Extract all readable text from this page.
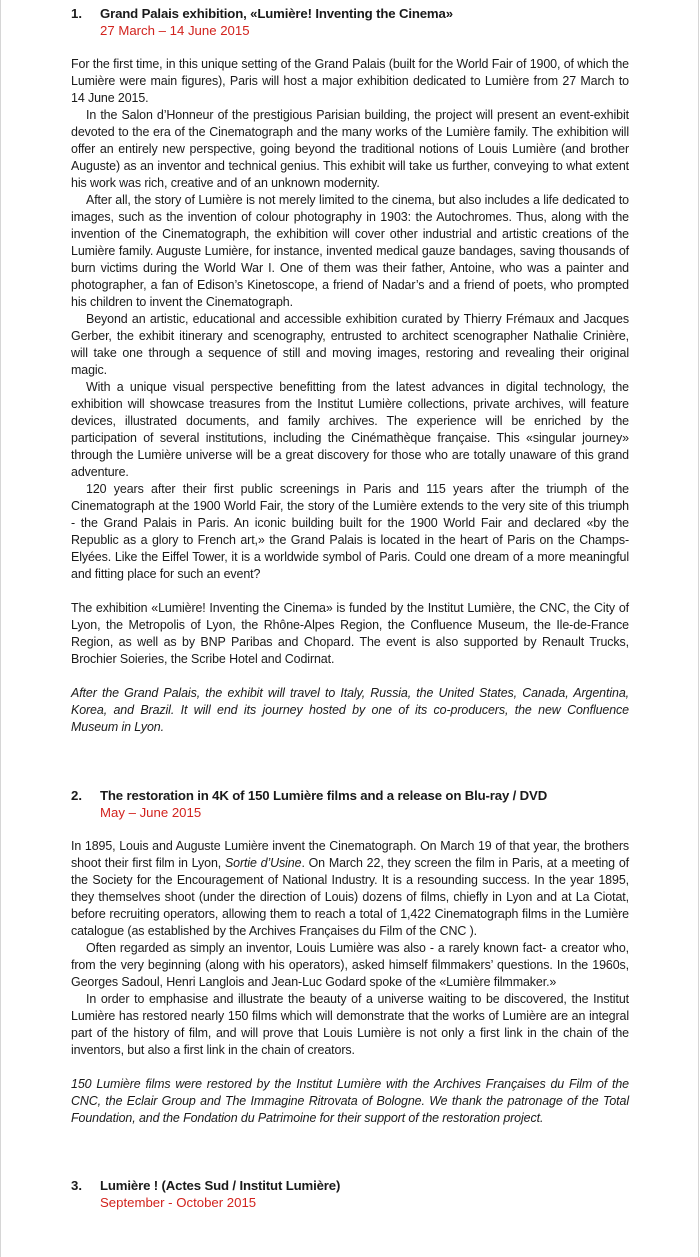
1. Grand Palais exhibition, «Lumière! Inventing the Cinema»
27 March – 14 June 2015

For the first time, in this unique setting of the Grand Palais (built for the World Fair of 1900, of which the Lumière were main figures), Paris will host a major exhibition dedicated to Lumière from 27 March to 14 June 2015.

In the Salon d’Honneur of the prestigious Parisian building, the project will present an event-exhibit devoted to the era of the Cinematograph and the many works of the Lumière family. The exhibition will offer an entirely new perspective, going beyond the traditional notions of Louis Lumière (and brother Auguste) as an inventor and technical genius. This exhibit will take us further, conveying to what extent his work was rich, creative and of an unknown modernity.

After all, the story of Lumière is not merely limited to the cinema, but also includes a life dedicated to images, such as the invention of colour photography in 1903: the Autochromes. Thus, along with the invention of the Cinematograph, the exhibition will cover other industrial and artistic creations of the Lumière family. Auguste Lumière, for instance, invented medical gauze bandages, saving thousands of burn victims during the World War I. One of them was their father, Antoine, who was a painter and photographer, a fan of Edison’s Kinetoscope, a friend of Nadar’s and a friend of poets, who prompted his children to invent the Cinematograph.

Beyond an artistic, educational and accessible exhibition curated by Thierry Frémaux and Jacques Gerber, the exhibit itinerary and scenography, entrusted to architect scenographer Nathalie Crinière, will take one through a sequence of still and moving images, restoring and revealing their original magic.

With a unique visual perspective benefitting from the latest advances in digital technology, the exhibition will showcase treasures from the Institut Lumière collections, private archives, will feature devices, illustrated documents, and family archives. The experience will be enriched by the participation of several institutions, including the Cinémathèque française. This «singular journey» through the Lumière universe will be a great discovery for those who are totally unaware of this grand adventure.

120 years after their first public screenings in Paris and 115 years after the triumph of the Cinematograph at the 1900 World Fair, the story of the Lumière extends to the very site of this triumph - the Grand Palais in Paris. An iconic building built for the 1900 World Fair and declared «by the Republic as a glory to French art,» the Grand Palais is located in the heart of Paris on the Champs-Elyées. Like the Eiffel Tower, it is a worldwide symbol of Paris. Could one dream of a more meaningful and fitting place for such an event?

The exhibition «Lumière! Inventing the Cinema» is funded by the Institut Lumière, the CNC, the City of Lyon, the Metropolis of Lyon, the Rhône-Alpes Region, the Confluence Museum, the Ile-de-France Region, as well as by BNP Paribas and Chopard. The event is also supported by Renault Trucks, Brochier Soieries, the Scribe Hotel and Codirnat.

After the Grand Palais, the exhibit will travel to Italy, Russia, the United States, Canada, Argentina, Korea, and Brazil. It will end its journey hosted by one of its co-producers, the new Confluence Museum in Lyon.

2. The restoration in 4K of 150 Lumière films and a release on Blu-ray / DVD
May – June 2015

In 1895, Louis and Auguste Lumière invent the Cinematograph. On March 19 of that year, the brothers shoot their first film in Lyon, Sortie d’Usine. On March 22, they screen the film in Paris, at a meeting of the Society for the Encouragement of National Industry. It is a resounding success. In the year 1895, they themselves shoot (under the direction of Louis) dozens of films, chiefly in Lyon and at La Ciotat, before recruiting operators, allowing them to reach a total of 1,422 Cinematograph films in the Lumière catalogue (as established by the Archives Françaises du Film of the CNC ).

Often regarded as simply an inventor, Louis Lumière was also - a rarely known fact- a creator who, from the very beginning (along with his operators), asked himself filmmakers’ questions. In the 1960s, Georges Sadoul, Henri Langlois and Jean-Luc Godard spoke of the «Lumière filmmaker.»

In order to emphasise and illustrate the beauty of a universe waiting to be discovered, the Institut Lumière has restored nearly 150 films which will demonstrate that the works of Lumière are an integral part of the history of film, and will prove that Louis Lumière is not only a first link in the chain of the inventors, but also a first link in the chain of creators.

150 Lumière films were restored by the Institut Lumière with the Archives Françaises du Film of the CNC, the Eclair Group and The Immagine Ritrovata of Bologne. We thank the patronage of the Total Foundation, and the Fondation du Patrimoine for their support of the restoration project.

3. Lumière ! (Actes Sud / Institut Lumière)
September - October 2015
